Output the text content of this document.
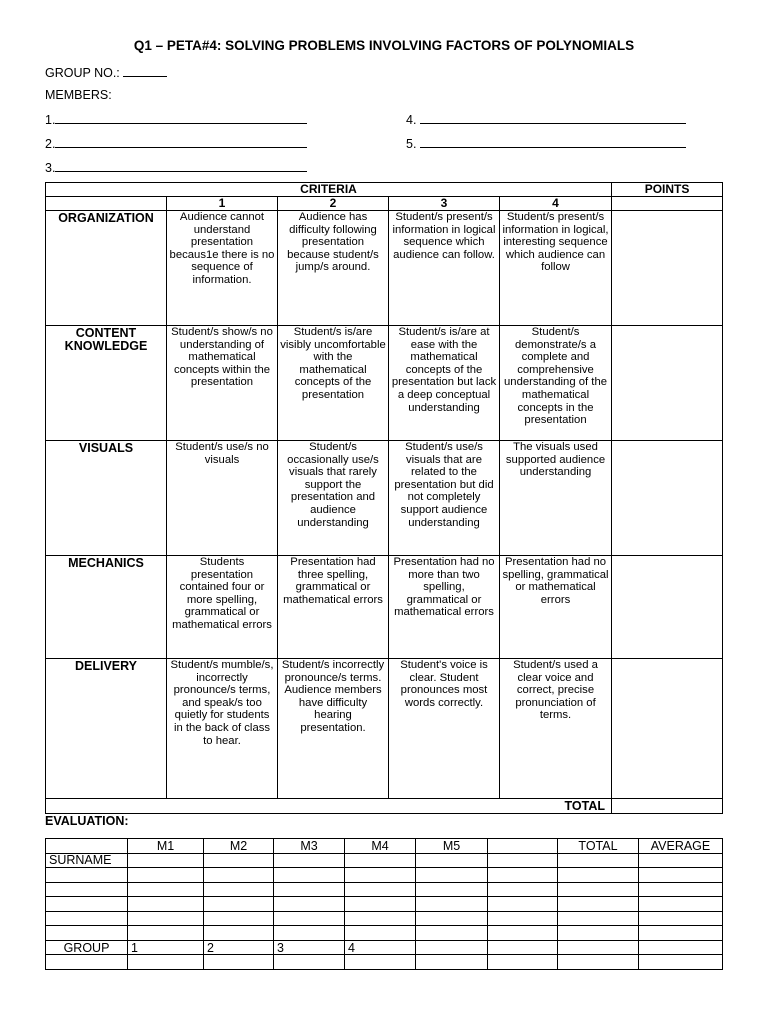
Q1 – PETA#4: SOLVING PROBLEMS INVOLVING FACTORS OF POLYNOMIALS
GROUP NO.:
MEMBERS:
1.
2.
3.
4.
5.
CRITERIA					POINTS
	1	2	3	4	
ORGANIZATION	Audience cannot understand presentation becaus1e there is no sequence of information.	Audience has difficulty following presentation because student/s jump/s around.	Student/s present/s information in logical sequence which audience can follow.	Student/s present/s information in logical, interesting sequence which audience can follow	
CONTENT KNOWLEDGE	Student/s show/s no understanding of mathematical concepts within the presentation	Student/s is/are visibly uncomfortable with the mathematical concepts of the presentation	Student/s is/are at ease with the mathematical concepts of the presentation but lack a deep conceptual understanding	Student/s demonstrate/s a complete and comprehensive understanding of the mathematical concepts in the presentation	
VISUALS	Student/s use/s no visuals	Student/s occasionally use/s visuals that rarely support the presentation and audience understanding	Student/s use/s visuals that are related to the presentation but did not completely support audience understanding	The visuals used supported audience understanding	
MECHANICS	Students presentation contained four or more spelling, grammatical or mathematical errors	Presentation had three spelling, grammatical or mathematical errors	Presentation had no more than two spelling, grammatical or mathematical errors	Presentation had no spelling, grammatical or mathematical errors	
DELIVERY	Student/s mumble/s, incorrectly pronounce/s terms, and speak/s too quietly for students in the back of class to hear.	Student/s incorrectly pronounce/s terms. Audience members have difficulty hearing presentation.	Student's voice is clear. Student pronounces most words correctly.	Student/s used a clear voice and correct, precise pronunciation of terms.	
TOTAL					
EVALUATION:
	M1	M2	M3	M4	M5		TOTAL	AVERAGE
SURNAME								

GROUP	1	2	3	4				
